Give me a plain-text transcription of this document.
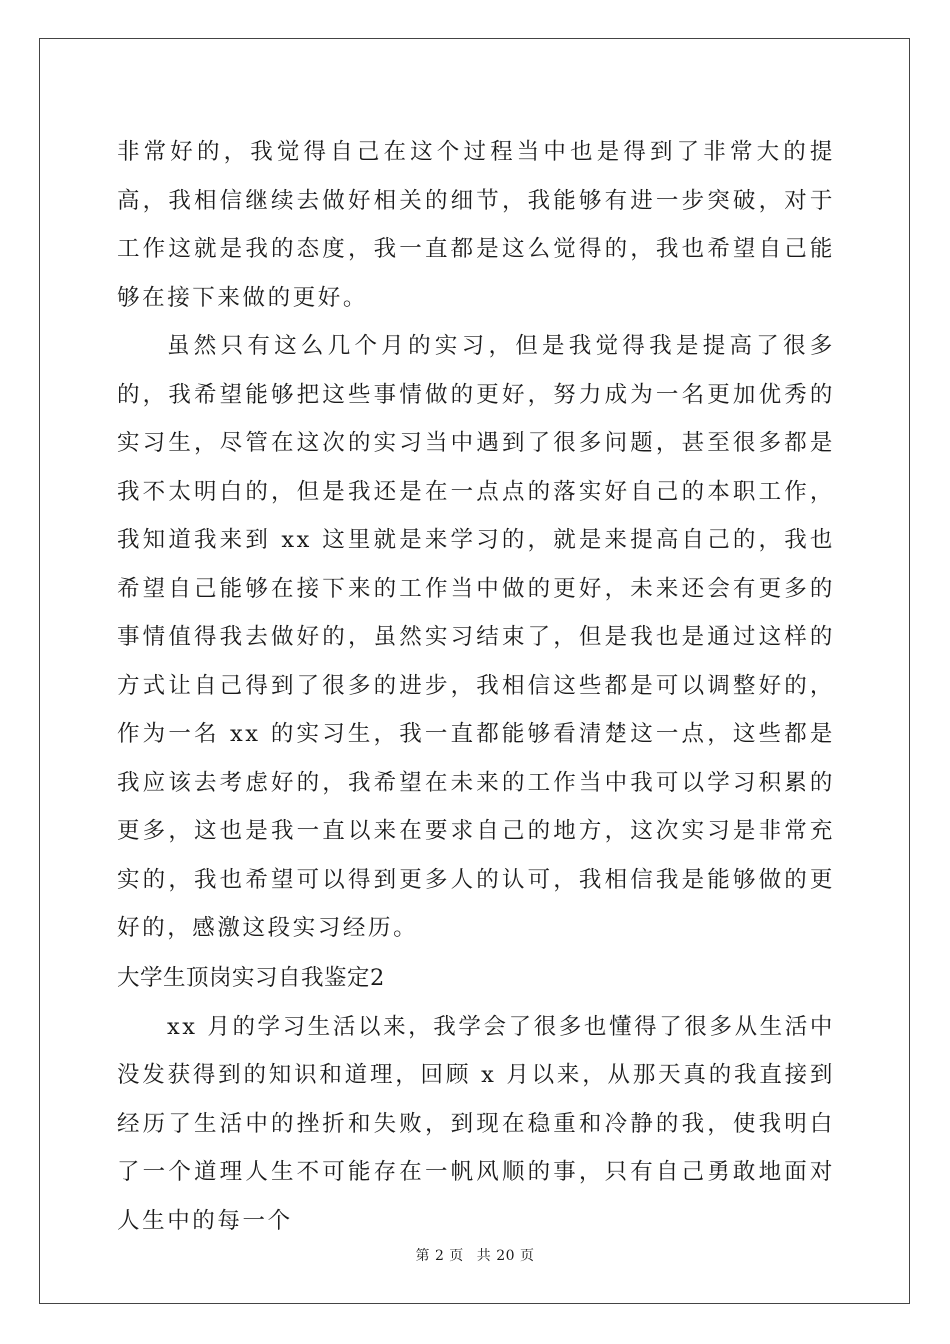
非常好的，我觉得自己在这个过程当中也是得到了非常大的提高，我相信继续去做好相关的细节，我能够有进一步突破，对于工作这就是我的态度，我一直都是这么觉得的，我也希望自己能够在接下来做的更好。

虽然只有这么几个月的实习，但是我觉得我是提高了很多的，我希望能够把这些事情做的更好，努力成为一名更加优秀的实习生，尽管在这次的实习当中遇到了很多问题，甚至很多都是我不太明白的，但是我还是在一点点的落实好自己的本职工作，我知道我来到 xx 这里就是来学习的，就是来提高自己的，我也希望自己能够在接下来的工作当中做的更好，未来还会有更多的事情值得我去做好的，虽然实习结束了，但是我也是通过这样的方式让自己得到了很多的进步，我相信这些都是可以调整好的，作为一名 xx 的实习生，我一直都能够看清楚这一点，这些都是我应该去考虑好的，我希望在未来的工作当中我可以学习积累的更多，这也是我一直以来在要求自己的地方，这次实习是非常充实的，我也希望可以得到更多人的认可，我相信我是能够做的更好的，感激这段实习经历。

大学生顶岗实习自我鉴定2

xx 月的学习生活以来，我学会了很多也懂得了很多从生活中没发获得到的知识和道理，回顾 x 月以来，从那天真的我直接到经历了生活中的挫折和失败，到现在稳重和冷静的我，使我明白了一个道理人生不可能存在一帆风顺的事，只有自己勇敢地面对人生中的每一个

第 2 页 共 20 页
